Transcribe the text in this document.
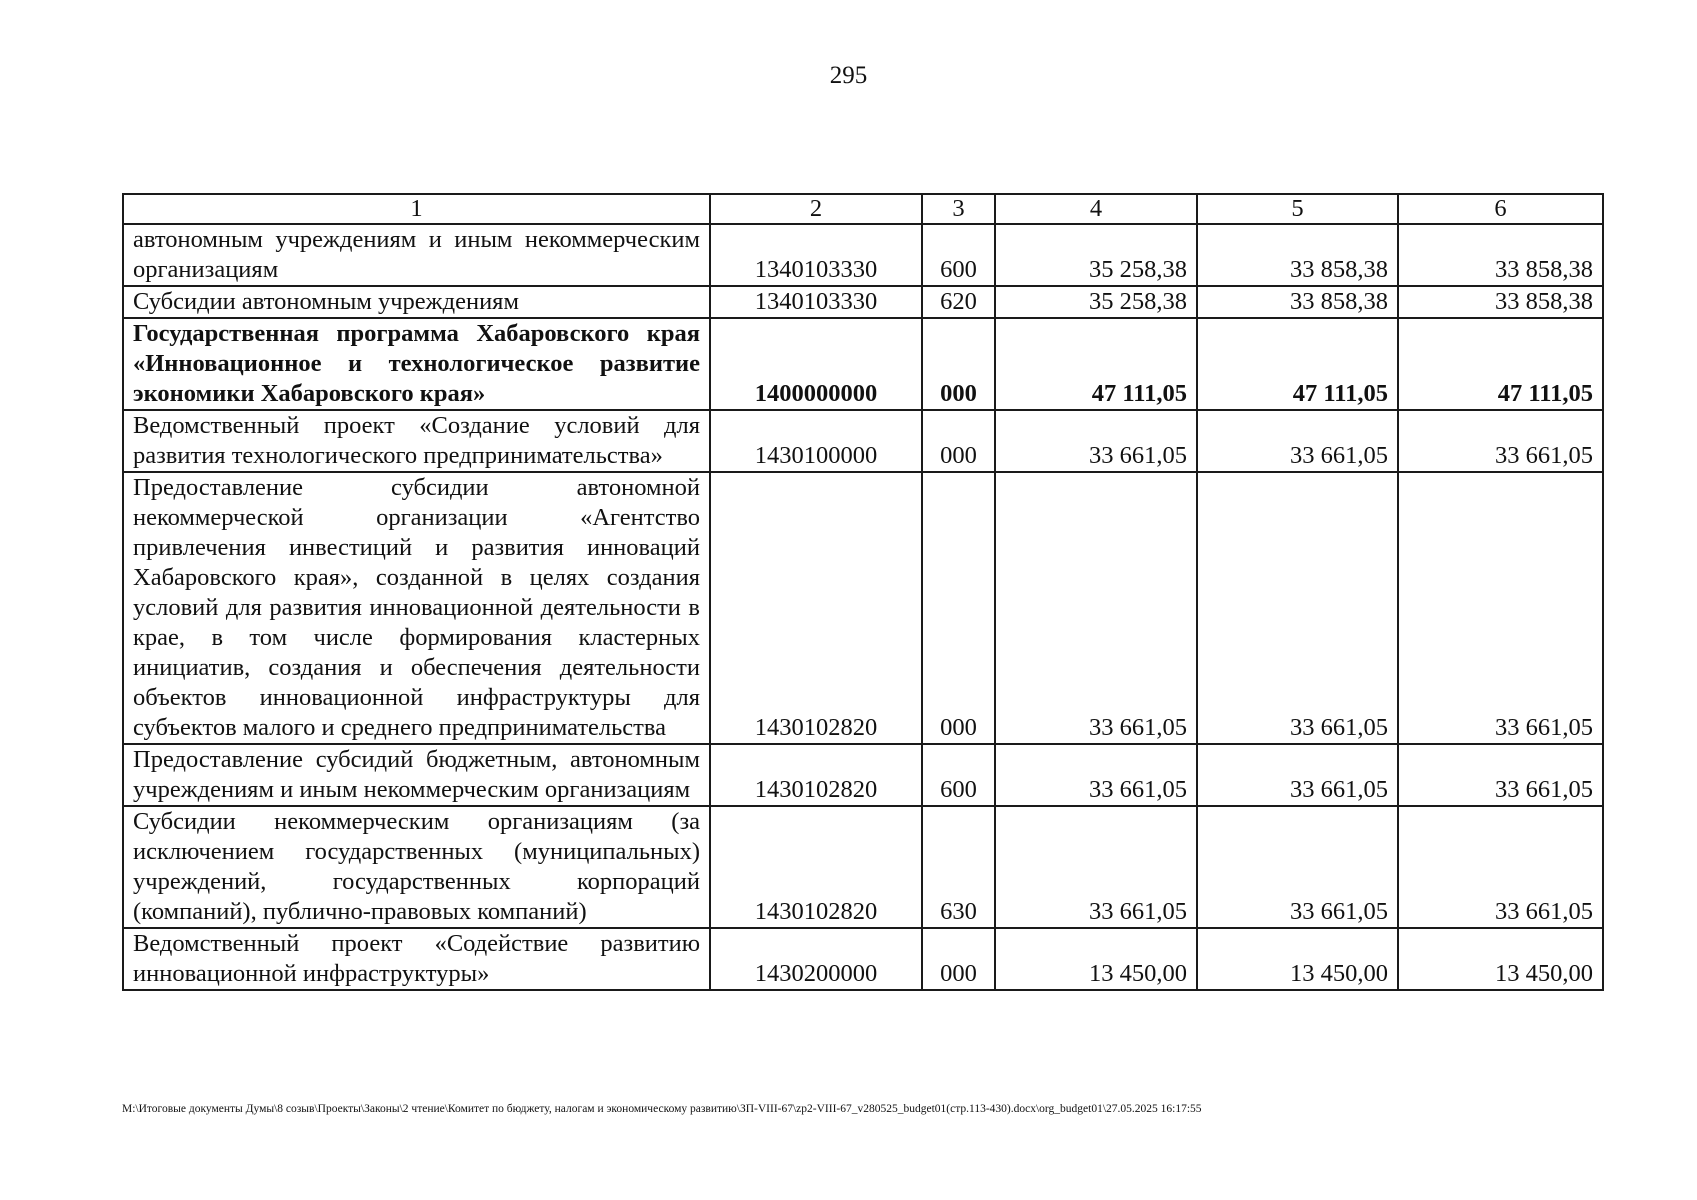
295
1	2	3	4	5	6
автономным учреждениям и иным некоммерческим организациям	1340103330	600	35 258,38	33 858,38	33 858,38
Субсидии автономным учреждениям	1340103330	620	35 258,38	33 858,38	33 858,38
Государственная программа Хабаровского края «Инновационное и технологическое развитие экономики Хабаровского края»	1400000000	000	47 111,05	47 111,05	47 111,05
Ведомственный проект «Создание условий для развития технологического предпринимательства»	1430100000	000	33 661,05	33 661,05	33 661,05
Предоставление субсидии автономной некоммерческой организации «Агентство привлечения инвестиций и развития инноваций Хабаровского края», созданной в целях создания условий для развития инновационной деятельности в крае, в том числе формирования кластерных инициатив, создания и обеспечения деятельности объектов инновационной инфраструктуры для субъектов малого и среднего предпринимательства	1430102820	000	33 661,05	33 661,05	33 661,05
Предоставление субсидий бюджетным, автономным учреждениям и иным некоммерческим организациям	1430102820	600	33 661,05	33 661,05	33 661,05
Субсидии некоммерческим организациям (за исключением государственных (муниципальных) учреждений, государственных корпораций (компаний), публично-правовых компаний)	1430102820	630	33 661,05	33 661,05	33 661,05
Ведомственный проект «Содействие развитию инновационной инфраструктуры»	1430200000	000	13 450,00	13 450,00	13 450,00
M:\Итоговые документы Думы\8 созыв\Проекты\Законы\2 чтение\Комитет по бюджету, налогам и экономическому развитию\ЗП-VIII-67\zp2-VIII-67_v280525_budget01(стр.113-430).docx\org_budget01\27.05.2025 16:17:55
